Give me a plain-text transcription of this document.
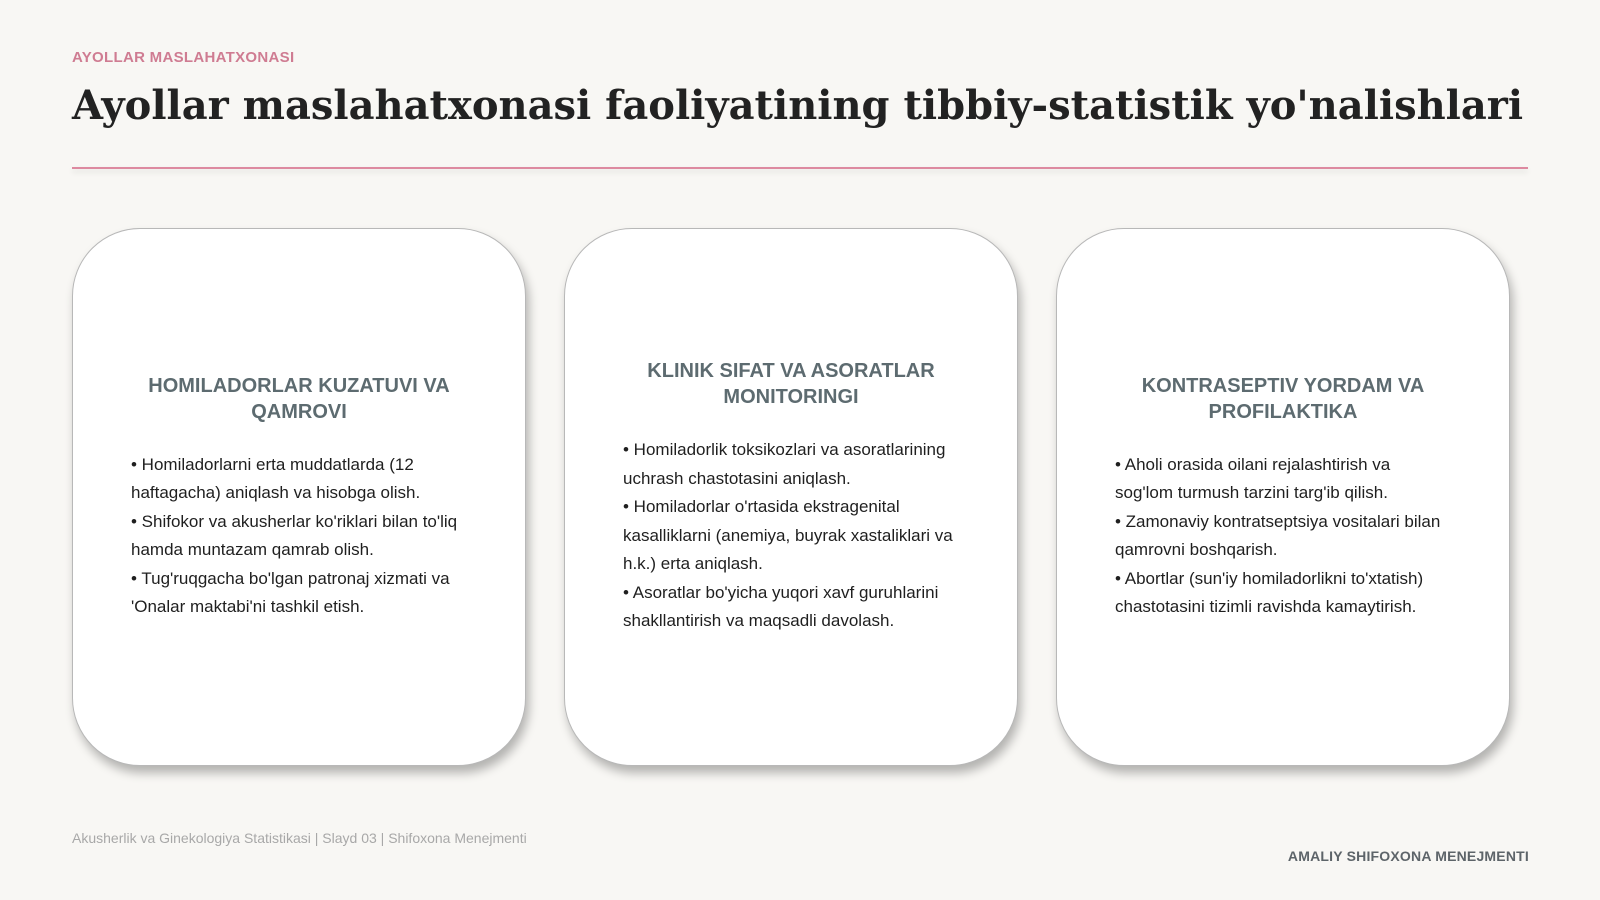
AYOLLAR MASLAHATXONASI
Ayollar maslahatxonasi faoliyatining tibbiy-statistik yo'nalishlari
HOMILADORLAR KUZATUVI VA QAMROVI
• Homiladorlarni erta muddatlarda (12 haftagacha) aniqlash va hisobga olish.
• Shifokor va akusherlar ko'riklari bilan to'liq hamda muntazam qamrab olish.
• Tug'ruqgacha bo'lgan patronaj xizmati va 'Onalar maktabi'ni tashkil etish.
KLINIK SIFAT VA ASORATLAR MONITORINGI
• Homiladorlik toksikozlari va asoratlarining uchrash chastotasini aniqlash.
• Homiladorlar o'rtasida ekstragenital kasalliklarni (anemiya, buyrak xastaliklari va h.k.) erta aniqlash.
• Asoratlar bo'yicha yuqori xavf guruhlarini shakllantirish va maqsadli davolash.
KONTRASEPTIV YORDAM VA PROFILAKTIKA
• Aholi orasida oilani rejalashtirish va sog'lom turmush tarzini targ'ib qilish.
• Zamonaviy kontratseptsiya vositalari bilan qamrovni boshqarish.
• Abortlar (sun'iy homiladorlikni to'xtatish) chastotasini tizimli ravishda kamaytirish.
Akusherlik va Ginekologiya Statistikasi | Slayd 03 | Shifoxona Menejmenti
AMALIY SHIFOXONA MENEJMENTI
